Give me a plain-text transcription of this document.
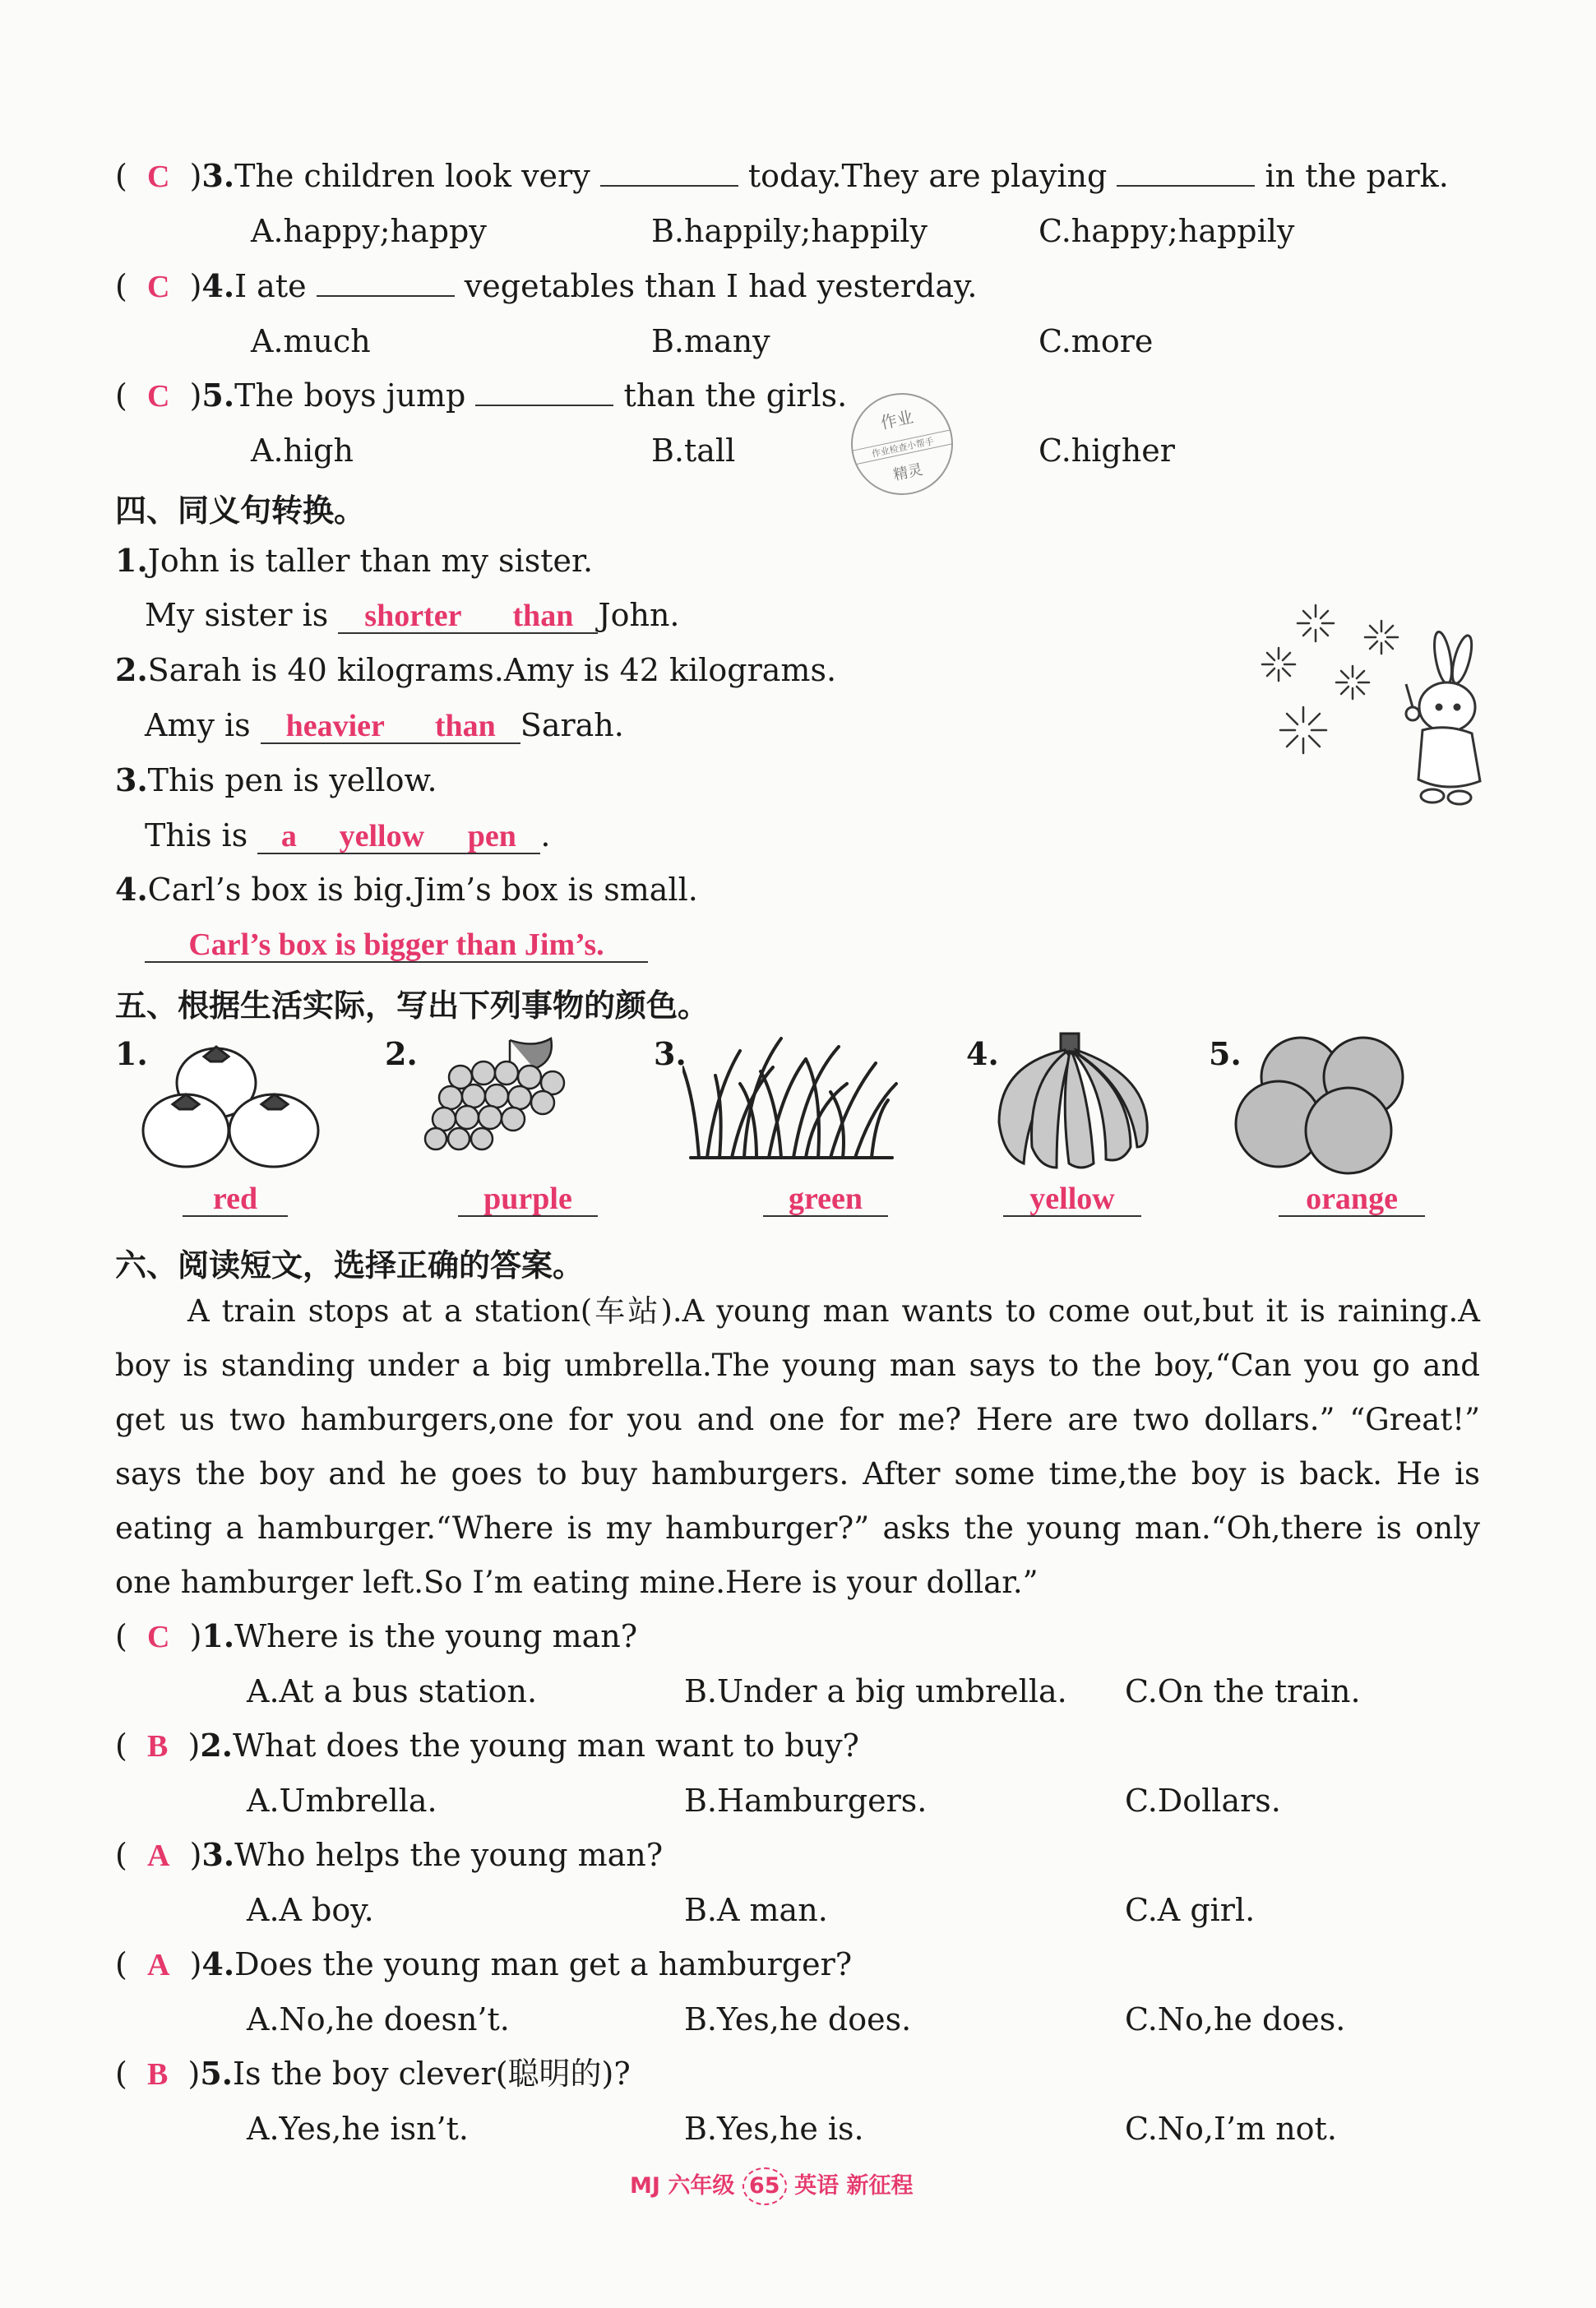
(  C  )3.The children look very	today.They are playing	in the park.
A.happy;happy	B.happily;happily	C.happy;happily
(  C  )4.I ate	vegetables than I had yesterday.
A.much	B.many	C.more
(  C  )5.The boys jump	than the girls.
A.high	B.tall	C.higher
作业
作业检查小帮手
精灵
四、同义句转换。
1.John is taller than my sister.
My sister is shorter than John.
2.Sarah is 40 kilograms.Amy is 42 kilograms.
Amy is heavier than Sarah.
3.This pen is yellow.
This is a yellow pen .
4.Carl’s box is big.Jim’s box is small.
Carl’s box is bigger than Jim’s.
五、根据生活实际，写出下列事物的颜色。
1.	2.	3.	4.	5.
red	purple	green	yellow	orange
六、阅读短文，选择正确的答案。
A train stops at a station(车站).A young man wants to come out,but it is raining.A boy is standing under a big umbrella.The young man says to the boy,“Can you go and get us two hamburgers,one for you and one for me? Here are two dollars.” “Great!” says the boy and he goes to buy hamburgers. After some time,the boy is back. He is eating a hamburger.“Where is my hamburger?” asks the young man.“Oh,there is only one hamburger left.So I’m eating mine.Here is your dollar.”
(  C  )1.Where is the young man?
A.At a bus station.	B.Under a big umbrella. C.On the train.
(  B  )2.What does the young man want to buy?
A.Umbrella.	B.Hamburgers.	C.Dollars.
(  A  )3.Who helps the young man?
A.A boy.	B.A man.	C.A girl.
(  A  )4.Does the young man get a hamburger?
A.No,he doesn’t.	B.Yes,he does.	C.No,he does.
(  B  )5.Is the boy clever(聪明的)?
A.Yes,he isn’t.	B.Yes,he is.	C.No,I’m not.
MJ 六年级 65 英语 新征程
